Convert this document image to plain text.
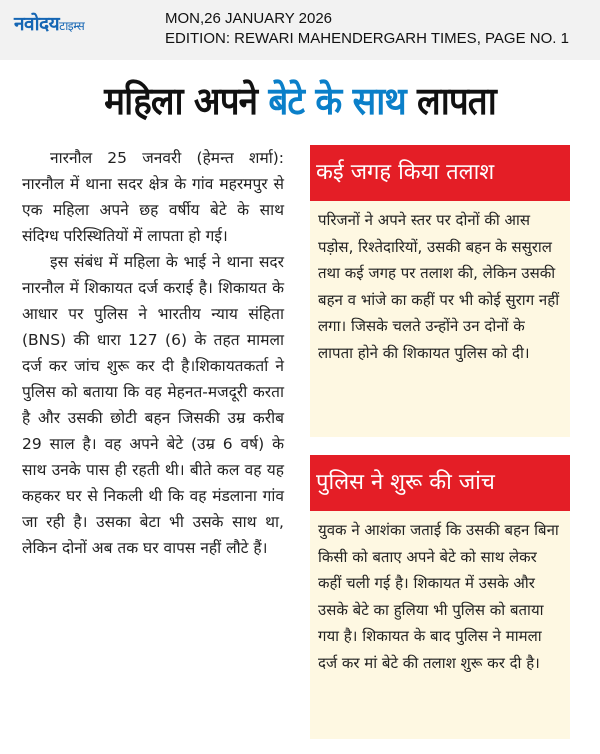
नवोदयटाइम्स	MON,26 JANUARY 2026
EDITION: REWARI MAHENDERGARH TIMES, PAGE NO. 1
महिला अपने बेटे के साथ लापता

नारनौल 25 जनवरी (हेमन्त शर्मा): नारनौल में थाना सदर क्षेत्र के गांव महरमपुर से एक महिला अपने छह वर्षीय बेटे के साथ संदिग्ध परिस्थितियों में लापता हो गई।

इस संबंध में महिला के भाई ने थाना सदर नारनौल में शिकायत दर्ज कराई है। शिकायत के आधार पर पुलिस ने भारतीय न्याय संहिता (BNS) की धारा 127 (6) के तहत मामला दर्ज कर जांच शुरू कर दी है।शिकायतकर्ता ने पुलिस को बताया कि वह मेहनत-मजदूरी करता है और उसकी छोटी बहन जिसकी उम्र करीब 29 साल है। वह अपने बेटे (उम्र 6 वर्ष) के साथ उनके पास ही रहती थी। बीते कल वह यह कहकर घर से निकली थी कि वह मंडलाना गांव जा रही है। उसका बेटा भी उसके साथ था, लेकिन दोनों अब तक घर वापस नहीं लौटे हैं।

कई जगह किया तलाश
परिजनों ने अपने स्तर पर दोनों की आस पड़ोस, रिश्तेदारियों, उसकी बहन के ससुराल तथा कई जगह पर तलाश की, लेकिन उसकी बहन व भांजे का कहीं पर भी कोई सुराग नहीं लगा। जिसके चलते उन्होंने उन दोनों के लापता होने की शिकायत पुलिस को दी।
पुलिस ने शुरू की जांच
युवक ने आशंका जताई कि उसकी बहन बिना किसी को बताए अपने बेटे को साथ लेकर कहीं चली गई है। शिकायत में उसके और उसके बेटे का हुलिया भी पुलिस को बताया गया है। शिकायत के बाद पुलिस ने मामला दर्ज कर मां बेटे की तलाश शुरू कर दी है।
